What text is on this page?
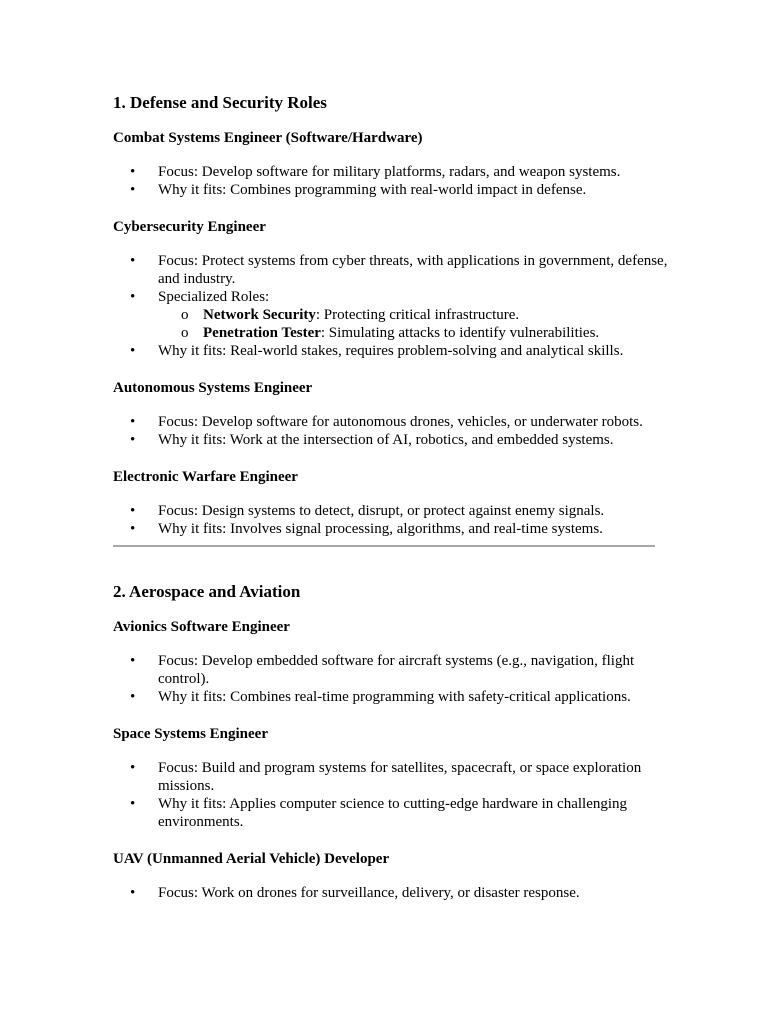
1. Defense and Security Roles
Combat Systems Engineer (Software/Hardware)
• Focus: Develop software for military platforms, radars, and weapon systems.
• Why it fits: Combines programming with real-world impact in defense.
Cybersecurity Engineer
• Focus: Protect systems from cyber threats, with applications in government, defense, and industry.
• Specialized Roles:
o Network Security: Protecting critical infrastructure.
o Penetration Tester: Simulating attacks to identify vulnerabilities.
• Why it fits: Real-world stakes, requires problem-solving and analytical skills.
Autonomous Systems Engineer
• Focus: Develop software for autonomous drones, vehicles, or underwater robots.
• Why it fits: Work at the intersection of AI, robotics, and embedded systems.
Electronic Warfare Engineer
• Focus: Design systems to detect, disrupt, or protect against enemy signals.
• Why it fits: Involves signal processing, algorithms, and real-time systems.
2. Aerospace and Aviation
Avionics Software Engineer
• Focus: Develop embedded software for aircraft systems (e.g., navigation, flight control).
• Why it fits: Combines real-time programming with safety-critical applications.
Space Systems Engineer
• Focus: Build and program systems for satellites, spacecraft, or space exploration missions.
• Why it fits: Applies computer science to cutting-edge hardware in challenging environments.
UAV (Unmanned Aerial Vehicle) Developer
• Focus: Work on drones for surveillance, delivery, or disaster response.
